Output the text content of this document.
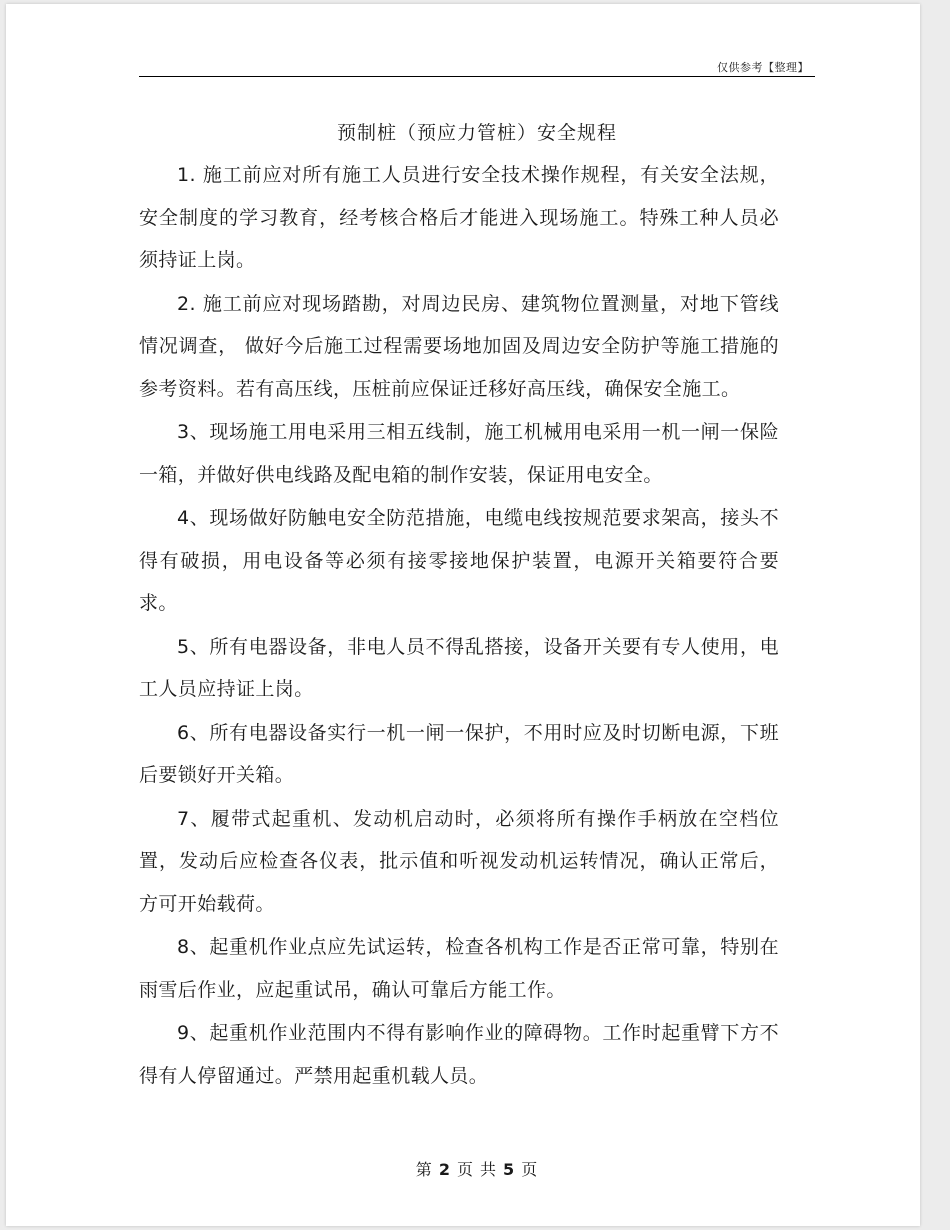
仅供参考【整理】
预制桩（预应力管桩）安全规程

1. 施工前应对所有施工人员进行安全技术操作规程，有关安全法规，安全制度的学习教育，经考核合格后才能进入现场施工。特殊工种人员必须持证上岗。

2. 施工前应对现场踏勘，对周边民房、建筑物位置测量，对地下管线情况调查， 做好今后施工过程需要场地加固及周边安全防护等施工措施的参考资料。若有高压线，压桩前应保证迁移好高压线，确保安全施工。

3、现场施工用电采用三相五线制，施工机械用电采用一机一闸一保险一箱，并做好供电线路及配电箱的制作安装，保证用电安全。

4、现场做好防触电安全防范措施，电缆电线按规范要求架高，接头不得有破损，用电设备等必须有接零接地保护装置，电源开关箱要符合要求。

5、所有电器设备，非电人员不得乱搭接，设备开关要有专人使用，电工人员应持证上岗。

6、所有电器设备实行一机一闸一保护，不用时应及时切断电源，下班后要锁好开关箱。

7、履带式起重机、发动机启动时，必须将所有操作手柄放在空档位置，发动后应检查各仪表，批示值和听视发动机运转情况，确认正常后，方可开始载荷。

8、起重机作业点应先试运转，检查各机构工作是否正常可靠，特别在雨雪后作业，应起重试吊，确认可靠后方能工作。

9、起重机作业范围内不得有影响作业的障碍物。工作时起重臂下方不得有人停留通过。严禁用起重机载人员。

第 2 页 共 5 页
